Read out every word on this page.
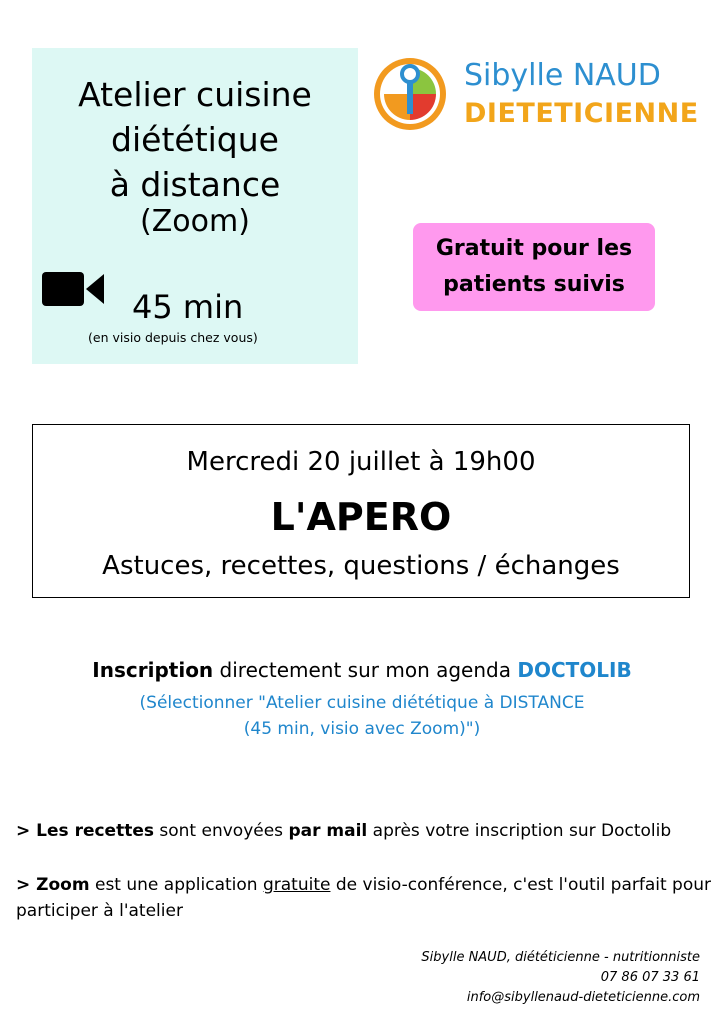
Atelier cuisine
diététique
à distance
(Zoom)
45 min
(en visio depuis chez vous)
Sibylle NAUD
DIETETICIENNE
Gratuit pour les
patients suivis
Mercredi 20 juillet à 19h00
L'APERO
Astuces, recettes, questions / échanges
Inscription directement sur mon agenda DOCTOLIB
(Sélectionner "Atelier cuisine diététique à DISTANCE
(45 min, visio avec Zoom)")
> Les recettes sont envoyées par mail après votre inscription sur Doctolib
> Zoom est une application gratuite de visio-conférence, c'est l'outil parfait pour participer à l'atelier
Sibylle NAUD, diététicienne - nutritionniste
07 86 07 33 61
info@sibyllenaud-dieteticienne.com
